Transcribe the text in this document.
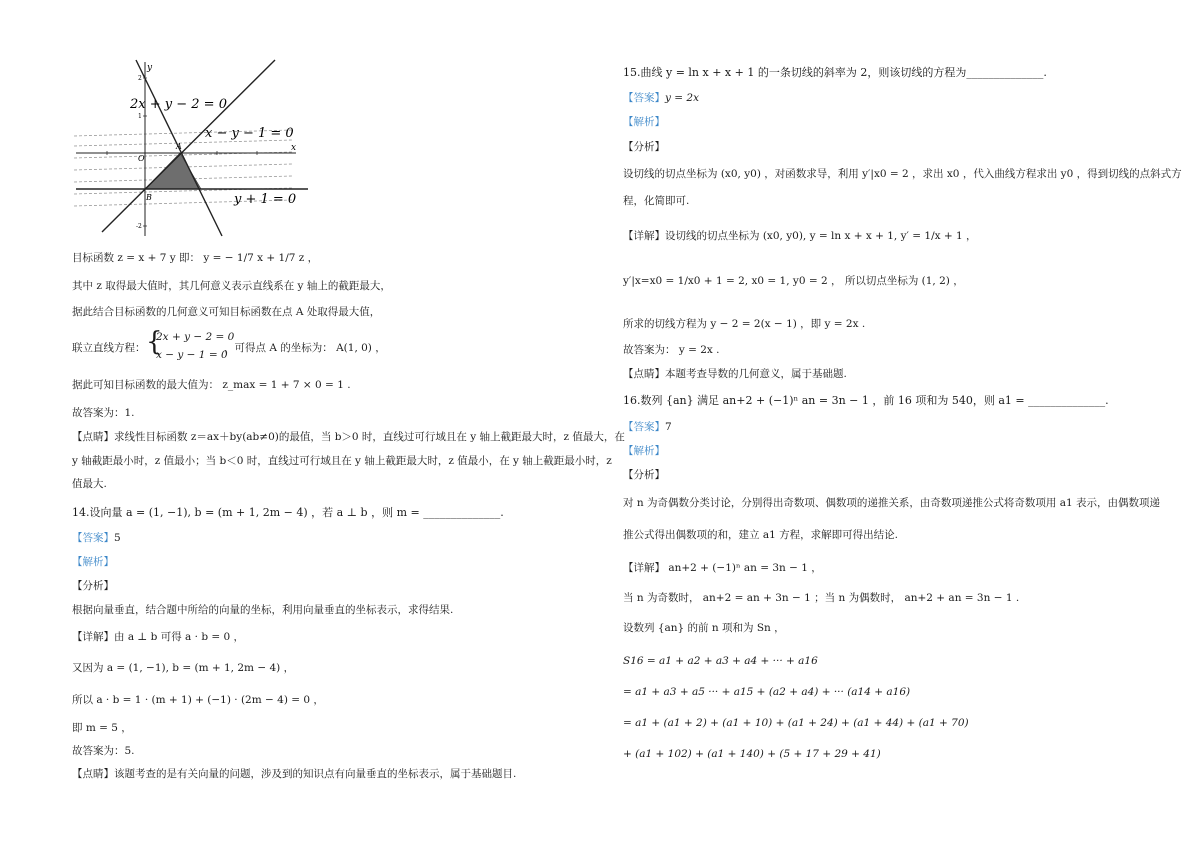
2x + y − 2 = 0
x − y − 1 = 0
y + 1 = 0
y
x
A
B
O
2
1
-2
目标函数 z = x + 7 y 即： y = − 1/7 x + 1/7 z ，
其中 z 取得最大值时，其几何意义表示直线系在 y 轴上的截距最大，
据此结合目标函数的几何意义可知目标函数在点 A 处取得最大值，
联立直线方程： {
2x + y − 2 = 0
x − y − 1 = 0
，可得点 A 的坐标为： A(1, 0) ，
据此可知目标函数的最大值为： z_max = 1 + 7 × 0 = 1 .
故答案为：1.
【点睛】求线性目标函数 z＝ax＋by(ab≠0)的最值，当 b＞0 时，直线过可行域且在 y 轴上截距最大时，z 值最大，在
y 轴截距最小时，z 值最小；当 b＜0 时，直线过可行域且在 y 轴上截距最大时，z 值最小，在 y 轴上截距最小时，z
值最大.
14.设向量 a = (1, −1), b = (m + 1, 2m − 4) ，若 a ⊥ b ，则 m = ______________.
【答案】5
【解析】
【分析】
根据向量垂直，结合题中所给的向量的坐标，利用向量垂直的坐标表示，求得结果.
【详解】由 a ⊥ b 可得 a · b = 0 ，
又因为 a = (1, −1), b = (m + 1, 2m − 4) ，
所以 a · b = 1 · (m + 1) + (−1) · (2m − 4) = 0 ，
即 m = 5 ，
故答案为：5.
【点睛】该题考查的是有关向量的问题，涉及到的知识点有向量垂直的坐标表示，属于基础题目.
15.曲线 y = ln x + x + 1 的一条切线的斜率为 2，则该切线的方程为______________.
【答案】y = 2x
【解析】
【分析】
设切线的切点坐标为 (x0, y0) ，对函数求导，利用 y′|x0 = 2 ，求出 x0 ，代入曲线方程求出 y0 ，得到切线的点斜式方
程，化简即可.
【详解】设切线的切点坐标为 (x0, y0), y = ln x + x + 1, y′ = 1/x + 1 ，
y′|x=x0 = 1/x0 + 1 = 2, x0 = 1, y0 = 2 ， 所以切点坐标为 (1, 2) ，
所求的切线方程为 y − 2 = 2(x − 1) ，即 y = 2x .
故答案为： y = 2x .
【点睛】本题考查导数的几何意义，属于基础题.
16.数列 {an} 满足 an+2 + (−1)ⁿ an = 3n − 1 ，前 16 项和为 540，则 a1 = ______________.
【答案】7
【解析】
【分析】
对 n 为奇偶数分类讨论，分别得出奇数项、偶数项的递推关系，由奇数项递推公式将奇数项用 a1 表示，由偶数项递
推公式得出偶数项的和，建立 a1 方程，求解即可得出结论.
【详解】 an+2 + (−1)ⁿ an = 3n − 1 ，
当 n 为奇数时， an+2 = an + 3n − 1 ；当 n 为偶数时， an+2 + an = 3n − 1 .
设数列 {an} 的前 n 项和为 Sn ，
S16 = a1 + a2 + a3 + a4 + ··· + a16
= a1 + a3 + a5 ··· + a15 + (a2 + a4) + ··· (a14 + a16)
= a1 + (a1 + 2) + (a1 + 10) + (a1 + 24) + (a1 + 44) + (a1 + 70)
+ (a1 + 102) + (a1 + 140) + (5 + 17 + 29 + 41)
